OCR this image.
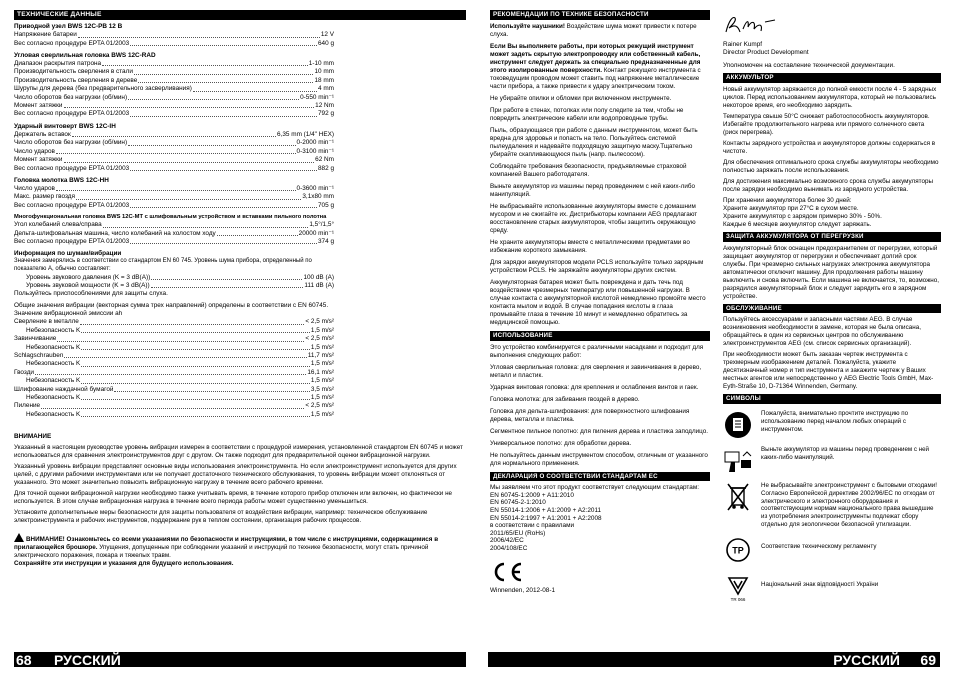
ТЕХНИЧЕСКИЕ ДАННЫЕ
Приводной узел BWS 12C-PB 12 B
Напряжение батареи	12 V
Вес согласно процедуре EPTA 01/2003	640 g
Угловая сверлильная головка BWS 12C-RAD
Диапазон раскрытия патрона	1-10 mm
Производительность сверления в стали	10 mm
Производительность сверления в дереве	18 mm
Шурупы для дерева (без предварительного засверливания)	4 mm
Число оборотов без нагрузки (об/мин)	0-550 min⁻¹
Момент затяжки	12 Nm
Вес согласно процедуре EPTA 01/2003	792 g
Ударный винтоверт BWS 12C-IH
Держатель вставок	6,35 mm (1/4" HEX)
Число оборотов без нагрузки (об/мин)	0-2000 min⁻¹
Число ударов	0-3100 min⁻¹
Момент затяжки	62 Nm
Вес согласно процедуре EPTA 01/2003	882 g
Головка молотка BWS 12C-HH
Число ударов	0-3600 min⁻¹
Макс. размер гвоздя	3,1x80 mm
Вес согласно процедуре EPTA 01/2003	705 g
Многофункциональная головка BWS 12C-MT с шлифовальным устройством и вставками пильного полотна
Угол колебаний слева/справа	1,5°/1,5°
Дельта-шлифовальная машина, число колебаний на холостом ходу	20000 min⁻¹
Вес согласно процедуре EPTA 01/2003	374 g
Информация по шумам/вибрации
Значения замерялись в соответствии со стандартом EN 60 745. Уровень шума прибора, определенный по показателю A, обычно составляет:
Уровень звукового давления (K = 3 dB(A))	100 dB (A)
Уровень звуковой мощности (K = 3 dB(A))	111 dB (A)
Пользуйтесь приспособлениями для защиты слуха.
Общие значения вибрации (векторная сумма трех направлений) определены в соответствии с EN 60745. Значение вибрационной эмиссии ah
Сверление в металле	< 2,5 m/s²
Небезопасность K	1,5 m/s²
Завинчивание	< 2,5 m/s²
Небезопасность K	1,5 m/s²
Schlagschrauben	11,7 m/s²
Небезопасность K	1,5 m/s²
Гвозди	16,1 m/s²
Небезопасность K	1,5 m/s²
Шлифование наждачной бумагой	3,5 m/s²
Небезопасность K	1,5 m/s²
Пиление	< 2,5 m/s²
Небезопасность K	1,5 m/s²
ВНИМАНИЕ
Указанный в настоящем руководстве уровень вибрации измерен в соответствии с процедурой измерения, установленной стандартом EN 60745 и может использоваться для сравнения электроинструментов друг с другом. Он также подходит для предварительной оценки вибрационной нагрузки.
Указанный уровень вибрации представляет основные виды использования электроинструмента. Но если электроинструмент используется для других целей, с другими рабочими инструментами или не получает достаточного технического обслуживания, то уровень вибрации может отклоняться от указанного. Это может значительно повысить вибрационную нагрузку в течение всего рабочего времени.
Для точной оценки вибрационной нагрузки необходимо также учитывать время, в течение которого прибор отключен или включен, но фактически не используется. В этом случае вибрационная нагрузка в течение всего периода работы может существенно уменьшиться.
Установите дополнительные меры безопасности для защиты пользователя от воздействия вибрации, например: техническое обслуживание электроинструмента и рабочих инструментов, поддержание рук в теплом состоянии, организация рабочих процессов.
ВНИМАНИЕ! Ознакомьтесь со всеми указаниями по безопасности и инструкциями, в том числе с инструкциями, содержащимися в прилагающейся брошюре. Упущения, допущенные при соблюдении указаний и инструкций по технике безопасности, могут стать причиной электрического поражения, пожара и тяжелых травм.
Сохраняйте эти инструкции и указания для будущего использования.
РЕКОМЕНДАЦИИ ПО ТЕХНИКЕ БЕЗОПАСНОСТИ
Используйте наушники! Воздействие шума может привести к потере слуха.
Если Вы выполняете работы, при которых режущий инструмент может задеть скрытую электропроводку или собственный кабель, инструмент следует держать за специально предназначенные для этого изолированные поверхности. Контакт режущего инструмента с токоведущим проводом может ставить под напряжение металлические части прибора, а также привести к удару электрическим током.
Не убирайте опилки и обломки при включенном инструменте.
При работе в стенах, потолках или полу следите за тем, чтобы не повредить электрические кабели или водопроводные трубы.
Пыль, образующаяся при работе с данным инструментом, может быть вредна для здоровья и попасть на тело. Пользуйтесь системой пылеудаления и надевайте подходящую защитную маску.Тщательно убирайте скапливающуюся пыль (напр. пылесосом).
Соблюдайте требования безопасности, предъявляемые страховой компанией Вашего работодателя.
Выньте аккумулятор из машины перед проведением с ней каких-либо манипуляций.
Не выбрасывайте использованные аккумуляторы вместе с домашним мусором и не сжигайте их. Дистрибьюторы компании AEG предлагают восстановление старых аккумуляторов, чтобы защитить окружающую среду.
Не храните аккумуляторы вместе с металлическими предметами во избежание короткого замыкания.
Для зарядки аккумуляторов модели PCLS используйте только зарядным устройством PCLS. Не заряжайте аккумуляторы других систем.
Аккумуляторная батарея может быть повреждена и дать течь под воздействием чрезмерных температур или повышенной нагрузки. В случае контакта с аккумуляторной кислотой немедленно промойте место контакта мылом и водой. В случае попадания кислоты в глаза промывайте глаза в течение 10 минут и немедленно обратитесь за медицинской помощью.
ИСПОЛЬЗОВАНИЕ
Это устройство комбинируется с различными насадками и подходит для выполнения следующих работ:
Угловая сверлильная головка: для сверления и завинчивания в дерево, металл и пластик.
Ударная винтовая головка: для крепления и ослабления винтов и гаек.
Головка молотка: для забивания гвоздей в дерево.
Головка для дельта-шлифования: для поверхностного шлифования дерева, металла и пластика.
Сегментное пильное полотно: для пиления дерева и пластика заподлицо.
Универсальное полотно: для обработки дерева.
Не пользуйтесь данным инструментом способом, отличным от указанного для нормального применения.
ДЕКЛАРАЦИЯ О СООТВЕТСТВИИ СТАНДАРТАМ ЕС
Мы заявляем что этот продукт соответствует следующим стандартам:
EN 60745-1:2009 + A11:2010
EN 60745-2-1:2010
EN 55014-1:2006 + A1:2009 + A2:2011
EN 55014-2:1997 + A1:2001 + A2:2008
в соответствии с правилами
2011/65/EU (RoHs)
2006/42/EC
2004/108/EC
Winnenden, 2012-08-1
Rainer Kumpf
Director Product Development
Уполномочен на составление технической документации.
АККУМУЛЬТОР
Новый аккумулятор заряжается до полной емкости после 4 - 5 зарядных циклов. Перед использованием аккумулятора, который не пользовались некоторое время, его необходимо зарядить.
Температура свыше 50°C снижает работоспособность аккумуляторов. Избегайте продолжительного нагрева или прямого солнечного света (риск перегрева).
Контакты зарядного устройства и аккумуляторов должны содержаться в чистоте.
Для обеспечения оптимального срока службы аккумуляторы необходимо полностью заряжать после использования.
Для достижения максимально возможного срока службы аккумуляторы после зарядки необходимо вынимать из зарядного устройства.
При хранении аккумулятора более 30 дней:
Храните аккумулятор при 27°C в сухом месте.
Храните аккумулятор с зарядом примерно 30% - 50%.
Каждые 6 месяцев аккумулятор следует заряжать.
ЗАЩИТА АККУМУЛЯТОРА ОТ ПЕРЕГРУЗКИ
Аккумуляторный блок оснащен предохранителем от перегрузки, который защищает аккумулятор от перегрузки и обеспечивает долгий срок службы. При чрезмерно сильных нагрузках электроника аккумулятора автоматически отключит машину. Для продолжения работы машину выключить и снова включить. Если машина не включается, то, возможно, разрядился аккумуляторный блок и следует зарядить его в зарядном устройстве.
ОБСЛУЖИВАНИЕ
Пользуйтесь аксессуарами и запасными частями AEG. В случае возникновения необходимости в замене, которая не была описана, обращайтесь в один из сервисных центров по обслуживанию электроинструментов AEG (см. список сервисных организаций).
При необходимости может быть заказан чертеж инструмента с трехмерным изображением деталей. Пожалуйста, укажите десятизначный номер и тип инструмента и закажите чертеж у Ваших местных агентов или непосредственно у AEG Electric Tools GmbH, Max-Eyth-Straße 10, D-71364 Winnenden, Germany.
СИМВОЛЫ
Пожалуйста, внимательно прочтите инструкцию по использованию перед началом любых операций с инструментом.
Выньте аккумулятор из машины перед проведением с ней каких-либо манипуляций.
Не выбрасывайте электроинструмент с бытовыми отходами! Согласно Европейской директиве 2002/96/ЕС по отходам от электрического и электронного оборудования и соответствующим нормам национального права вышедшие из употребления электроинструменты подлежат сбору отдельно для экологически безопасной утилизации.
TP	Соответствие техническому регламенту
TR 066
Національний знак відповідності України
68 РУССКИЙ	РУССКИЙ 69
